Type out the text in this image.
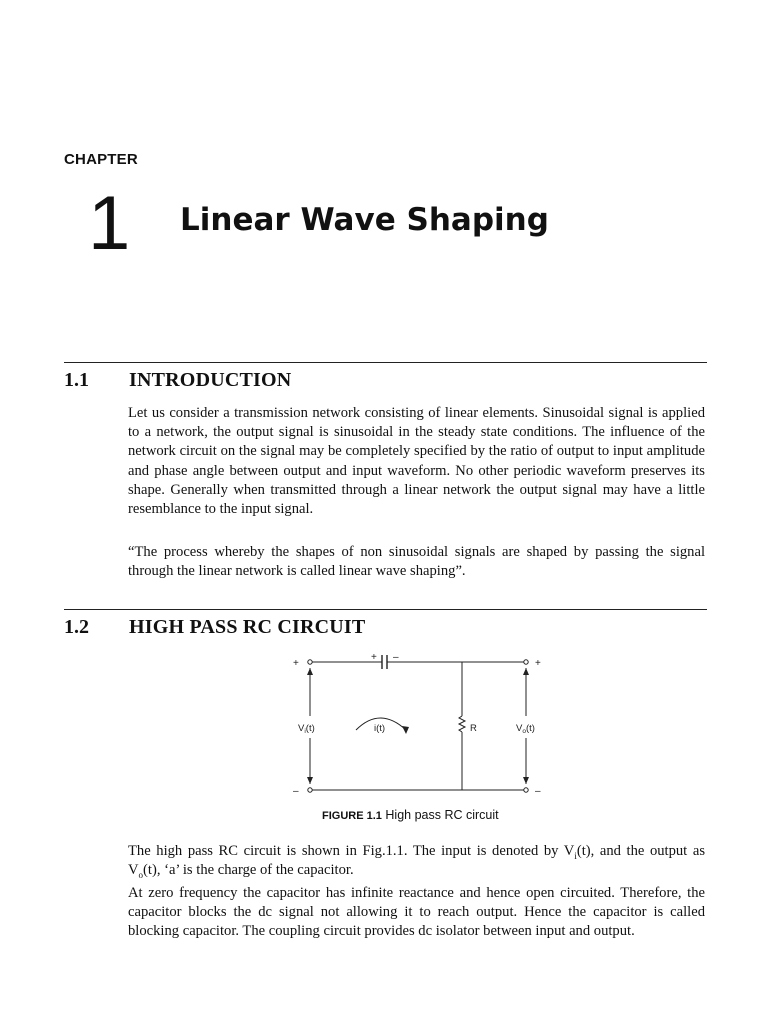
CHAPTER
1 Linear Wave Shaping
1.1 INTRODUCTION

Let us consider a transmission network consisting of linear elements. Sinusoidal signal is applied to a network, the output signal is sinusoidal in the steady state conditions. The influence of the network circuit on the signal may be completely specified by the ratio of output to input amplitude and phase angle between output and input waveform. No other periodic waveform preserves its shape. Generally when transmitted through a linear network the output signal may have a little resemblance to the input signal.

“The process whereby the shapes of non sinusoidal signals are shaped by passing the signal through the linear network is called linear wave shaping”.

1.2 HIGH PASS RC CIRCUIT
+
–
+
–
+ –
$V_i(t)$	i(t)	R	$V_o(t)$
FIGURE 1.1 High pass RC circuit

The high pass RC circuit is shown in Fig.1.1. The input is denoted by $V_i(t)$, and the output as $V_o(t)$, ‘a’ is the charge of the capacitor.

At zero frequency the capacitor has infinite reactance and hence open circuited. Therefore, the capacitor blocks the dc signal not allowing it to reach output. Hence the capacitor is called blocking capacitor. The coupling circuit provides dc isolator between input and output.
